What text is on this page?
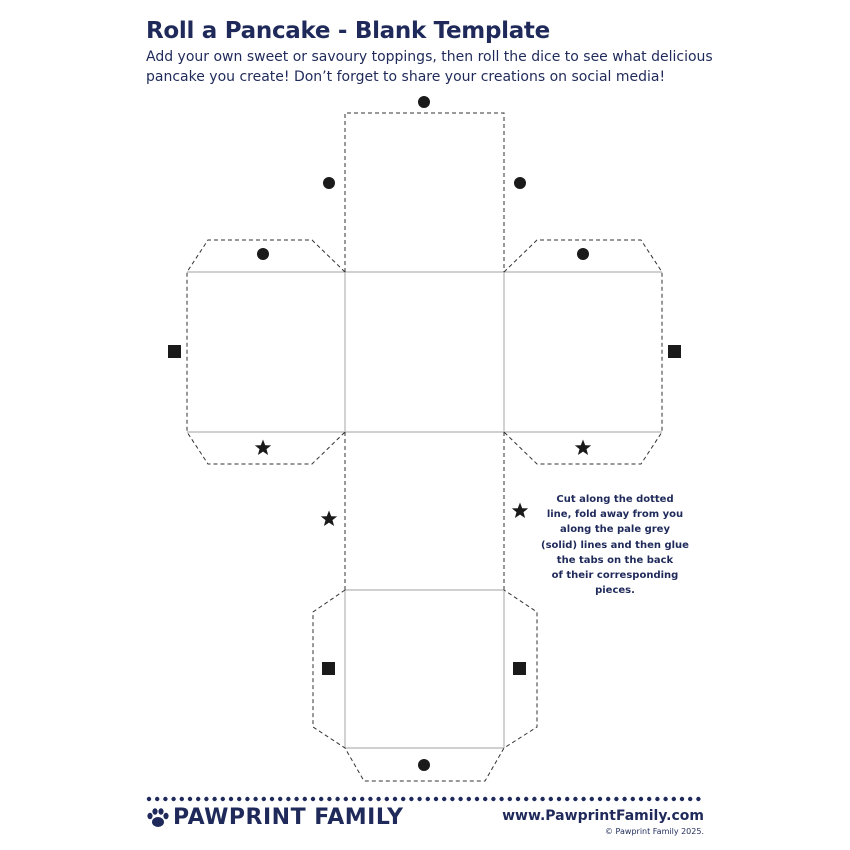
Roll a Pancake - Blank Template
Add your own sweet or savoury toppings, then roll the dice to see what delicious
pancake you create! Don’t forget to share your creations on social media!
Cut along the dotted
line, fold away from you
along the pale grey
(solid) lines and then glue
the tabs on the back
of their corresponding
pieces.
PAWPRINT FAMILY	www.PawprintFamily.com
© Pawprint Family 2025.
